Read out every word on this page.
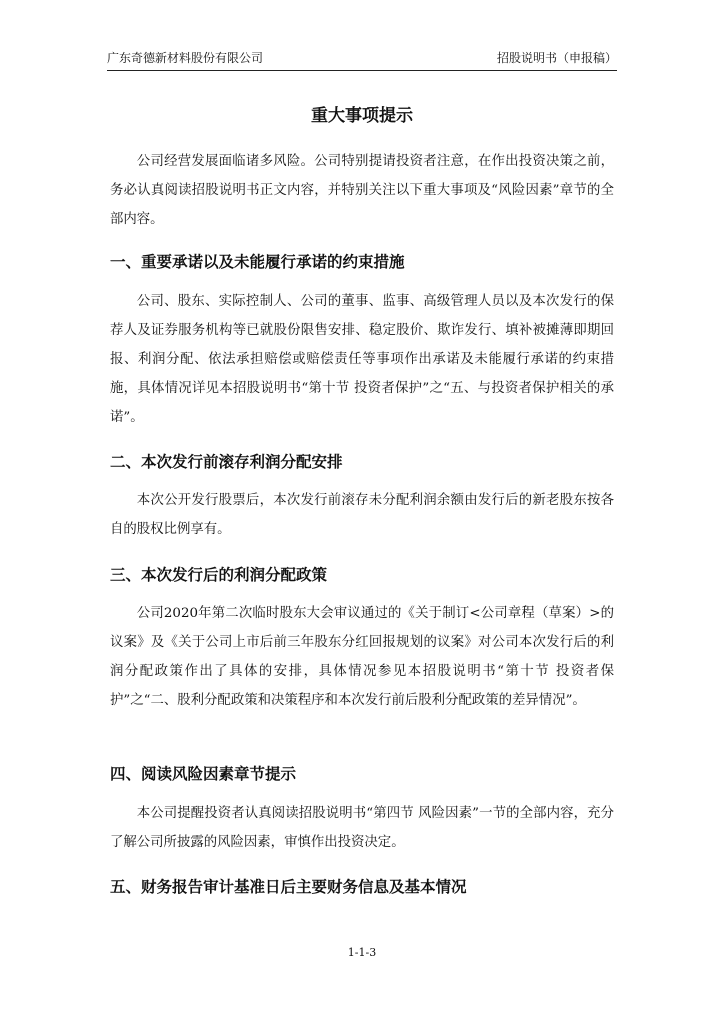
广东奇德新材料股份有限公司	招股说明书（申报稿）
重大事项提示

公司经营发展面临诸多风险。公司特别提请投资者注意，在作出投资决策之前，务必认真阅读招股说明书正文内容，并特别关注以下重大事项及“风险因素”章节的全部内容。

一、重要承诺以及未能履行承诺的约束措施

公司、股东、实际控制人、公司的董事、监事、高级管理人员以及本次发行的保荐人及证券服务机构等已就股份限售安排、稳定股价、欺诈发行、填补被摊薄即期回报、利润分配、依法承担赔偿或赔偿责任等事项作出承诺及未能履行承诺的约束措施，具体情况详见本招股说明书“第十节 投资者保护”之“五、与投资者保护相关的承诺”。

二、本次发行前滚存利润分配安排

本次公开发行股票后，本次发行前滚存未分配利润余额由发行后的新老股东按各自的股权比例享有。

三、本次发行后的利润分配政策

公司2020年第二次临时股东大会审议通过的《关于制订<公司章程（草案）>的议案》及《关于公司上市后前三年股东分红回报规划的议案》对公司本次发行后的利润分配政策作出了具体的安排，具体情况参见本招股说明书“第十节 投资者保护”之“二、股利分配政策和决策程序和本次发行前后股利分配政策的差异情况”。

四、阅读风险因素章节提示

本公司提醒投资者认真阅读招股说明书“第四节 风险因素”一节的全部内容，充分了解公司所披露的风险因素，审慎作出投资决定。

五、财务报告审计基准日后主要财务信息及基本情况
1-1-3
